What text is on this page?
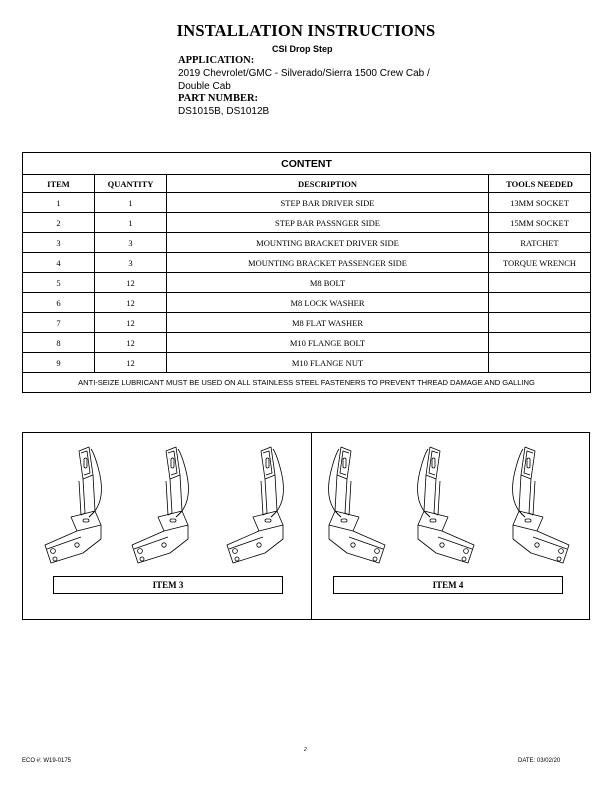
INSTALLATION INSTRUCTIONS
CSI Drop Step
APPLICATION:
2019 Chevrolet/GMC - Silverado/Sierra 1500 Crew Cab /
Double Cab
PART NUMBER:
DS1015B, DS1012B
CONTENT			
ITEM	QUANTITY	DESCRIPTION	TOOLS NEEDED
1	1	STEP BAR DRIVER SIDE	13MM SOCKET
2	1	STEP BAR PASSNGER SIDE	15MM SOCKET
3	3	MOUNTING BRACKET DRIVER SIDE	RATCHET
4	3	MOUNTING BRACKET PASSENGER SIDE	TORQUE WRENCH
5	12	M8 BOLT	
6	12	M8 LOCK WASHER	
7	12	M8 FLAT WASHER	
8	12	M10 FLANGE BOLT	
9	12	M10 FLANGE NUT	
ANTI-SEIZE LUBRICANT MUST BE USED ON ALL STAINLESS STEEL FASTENERS TO PREVENT THREAD DAMAGE AND GALLING			
ITEM 3	ITEM 4
ECO #: W19-0175
2
DATE: 03/02/20
